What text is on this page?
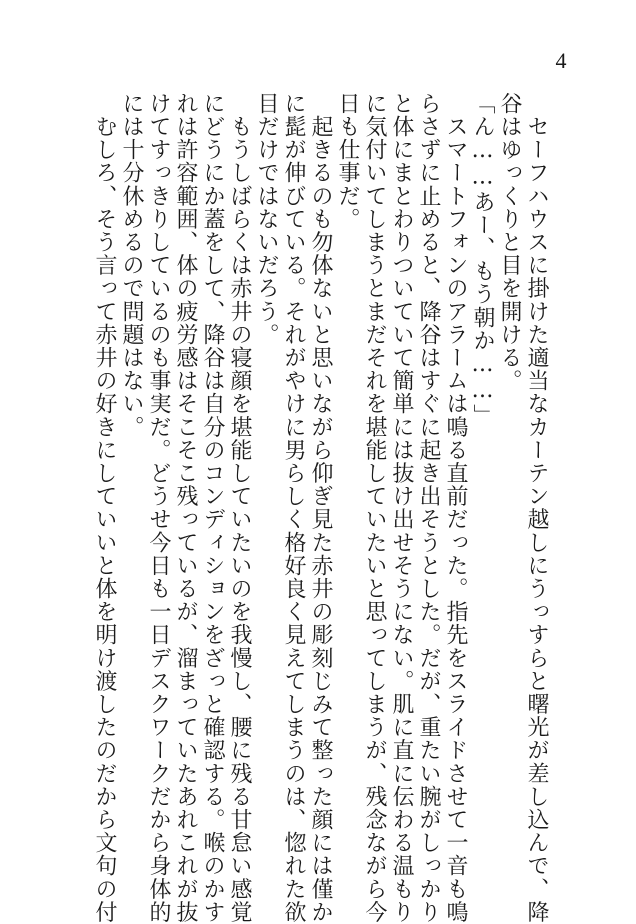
4
　セーフハウスに掛けた適当なカーテン越しにうっすらと曙光が差し込んで、降
谷はゆっくりと目を開ける。
「ん……あー、もう朝か……」
　スマートフォンのアラームは鳴る直前だった。指先をスライドさせて一音も鳴
らさずに止めると、降谷はすぐに起き出そうとした。だが、重たい腕がしっかり
と体にまとわりついていて簡単には抜け出せそうにない。肌に直に伝わる温もり
に気付いてしまうとまだそれを堪能していたいと思ってしまうが、残念ながら今
日も仕事だ。
　起きるのも勿体ないと思いながら仰ぎ見た赤井の彫刻じみて整った顔には僅か
に髭が伸びている。それがやけに男らしく格好良く見えてしまうのは、惚れた欲
目だけではないだろう。
　もうしばらくは赤井の寝顔を堪能していたいのを我慢し、腰に残る甘怠い感覚
にどうにか蓋をして、降谷は自分のコンディションをざっと確認する。喉のかす
れは許容範囲、体の疲労感はそこそこ残っているが、溜まっていたあれこれが抜
けてすっきりしているのも事実だ。どうせ今日も一日デスクワークだから身体的
には十分休めるので問題はない。
　むしろ、そう言って赤井の好きにしていいと体を明け渡したのだから文句の付
